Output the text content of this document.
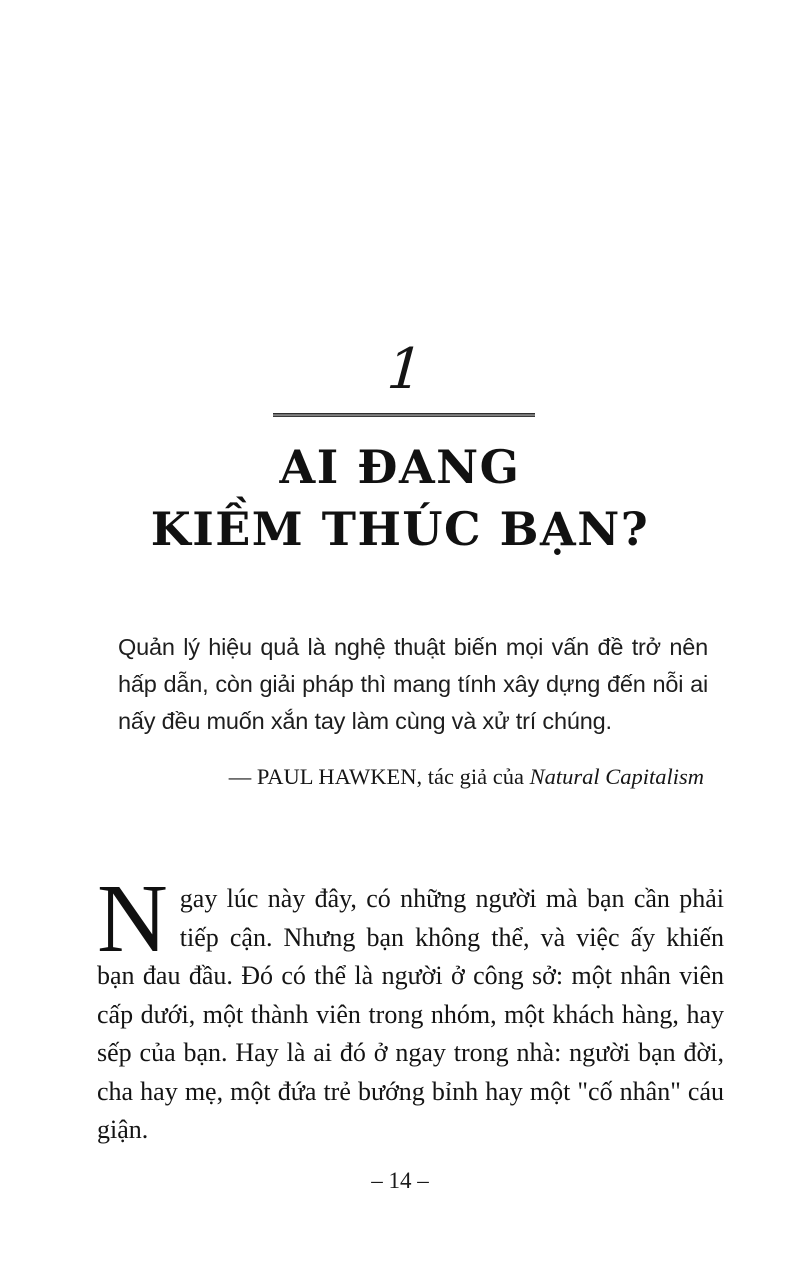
1
AI ĐANG
KIỀM THÚC BẠN?
Quản lý hiệu quả là nghệ thuật biến mọi vấn đề trở nên hấp dẫn, còn giải pháp thì mang tính xây dựng đến nỗi ai nấy đều muốn xắn tay làm cùng và xử trí chúng.
— PAUL HAWKEN, tác giả của Natural Capitalism
Ngay lúc này đây, có những người mà bạn cần phải tiếp cận. Nhưng bạn không thể, và việc ấy khiến bạn đau đầu. Đó có thể là người ở công sở: một nhân viên cấp dưới, một thành viên trong nhóm, một khách hàng, hay sếp của bạn. Hay là ai đó ở ngay trong nhà: người bạn đời, cha hay mẹ, một đứa trẻ bướng bỉnh hay một "cố nhân" cáu giận.
– 14 –
